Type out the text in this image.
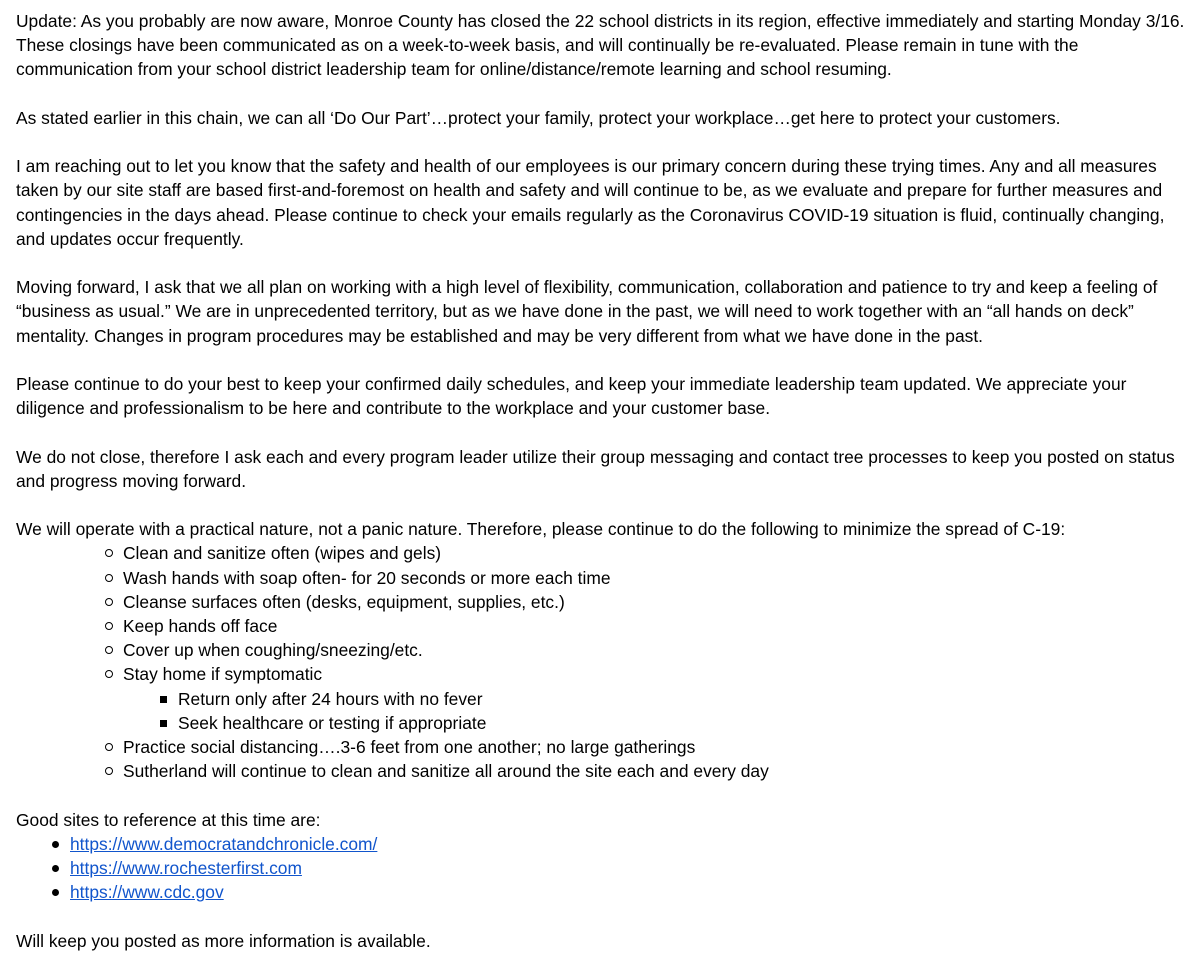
Update: As you probably are now aware, Monroe County has closed the 22 school districts in its region, effective immediately and starting Monday 3/16. These closings have been communicated as on a week-to-week basis, and will continually be re-evaluated. Please remain in tune with the communication from your school district leadership team for online/distance/remote learning and school resuming.

As stated earlier in this chain, we can all ‘Do Our Part’…protect your family, protect your workplace…get here to protect your customers.

I am reaching out to let you know that the safety and health of our employees is our primary concern during these trying times. Any and all measures taken by our site staff are based first-and-foremost on health and safety and will continue to be, as we evaluate and prepare for further measures and contingencies in the days ahead. Please continue to check your emails regularly as the Coronavirus COVID-19 situation is fluid, continually changing, and updates occur frequently.

Moving forward, I ask that we all plan on working with a high level of flexibility, communication, collaboration and patience to try and keep a feeling of “business as usual.” We are in unprecedented territory, but as we have done in the past, we will need to work together with an “all hands on deck” mentality. Changes in program procedures may be established and may be very different from what we have done in the past.

Please continue to do your best to keep your confirmed daily schedules, and keep your immediate leadership team updated. We appreciate your diligence and professionalism to be here and contribute to the workplace and your customer base.

We do not close, therefore I ask each and every program leader utilize their group messaging and contact tree processes to keep you posted on status and progress moving forward.

We will operate with a practical nature, not a panic nature. Therefore, please continue to do the following to minimize the spread of C-19:

Clean and sanitize often (wipes and gels)
Wash hands with soap often- for 20 seconds or more each time
Cleanse surfaces often (desks, equipment, supplies, etc.)
Keep hands off face
Cover up when coughing/sneezing/etc.
Stay home if symptomatic
Return only after 24 hours with no fever
Seek healthcare or testing if appropriate
Practice social distancing….3-6 feet from one another; no large gatherings
Sutherland will continue to clean and sanitize all around the site each and every day

Good sites to reference at this time are:

https://www.democratandchronicle.com/
https://www.rochesterfirst.com
https://www.cdc.gov

Will keep you posted as more information is available.
